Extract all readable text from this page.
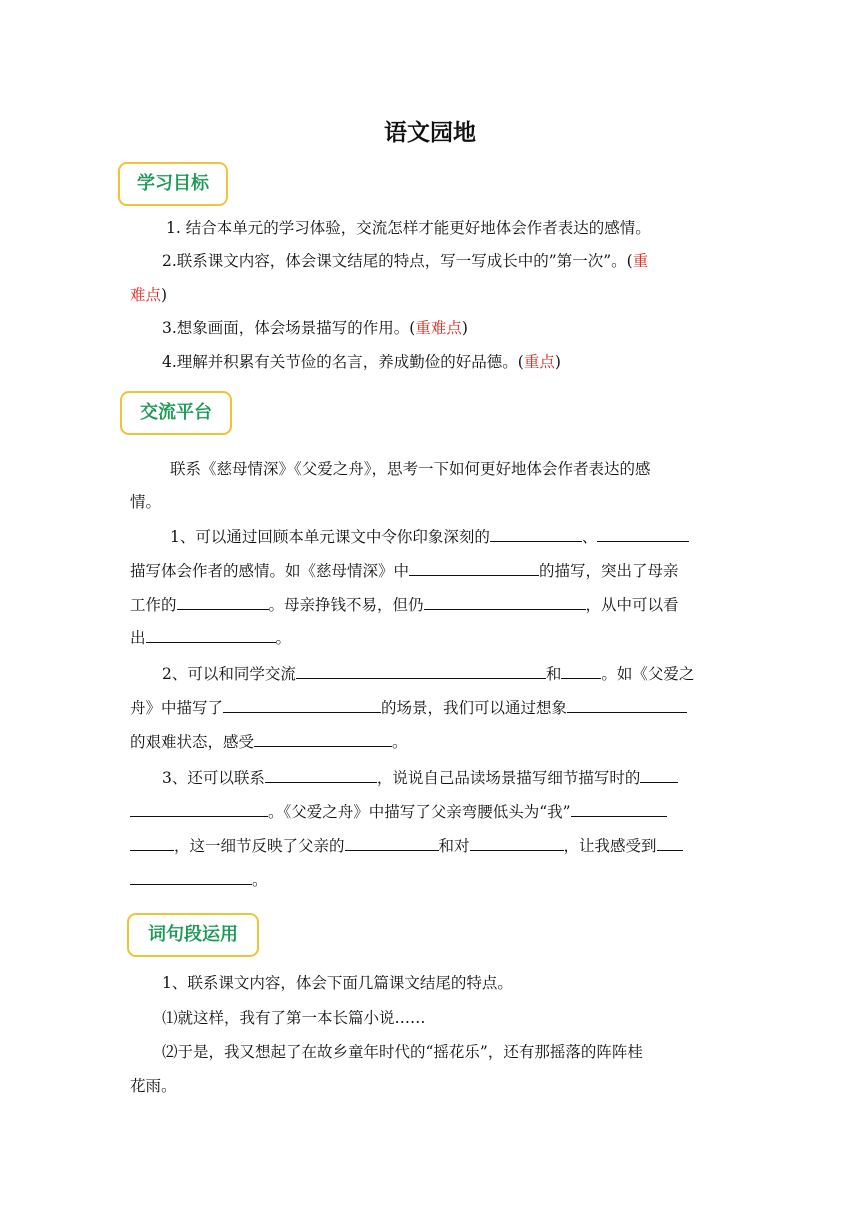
语文园地
学习目标
1. 结合本单元的学习体验，交流怎样才能更好地体会作者表达的感情。
2.联系课文内容，体会课文结尾的特点，写一写成长中的”第一次”。(重
难点)
3.想象画面，体会场景描写的作用。(重难点)
4.理解并积累有关节俭的名言，养成勤俭的好品德。(重点)
交流平台
联系《慈母情深》《父爱之舟》，思考一下如何更好地体会作者表达的感
情。
1、可以通过回顾本单元课文中令你印象深刻的	、
描写体会作者的感情。如《慈母情深》中	的描写，突出了母亲
工作的	。母亲挣钱不易，但仍	，从中可以看
出	。
2、可以和同学交流	和	。如《父爱之
舟》中描写了	的场景，我们可以通过想象
的艰难状态，感受	。
3、还可以联系	，说说自己品读场景描写细节描写时的
。《父爱之舟》中描写了父亲弯腰低头为“我”
，这一细节反映了父亲的	和对	，让我感受到
。
词句段运用
1、联系课文内容，体会下面几篇课文结尾的特点。
⑴就这样，我有了第一本长篇小说……
⑵于是，我又想起了在故乡童年时代的“摇花乐”，还有那摇落的阵阵桂
花雨。
